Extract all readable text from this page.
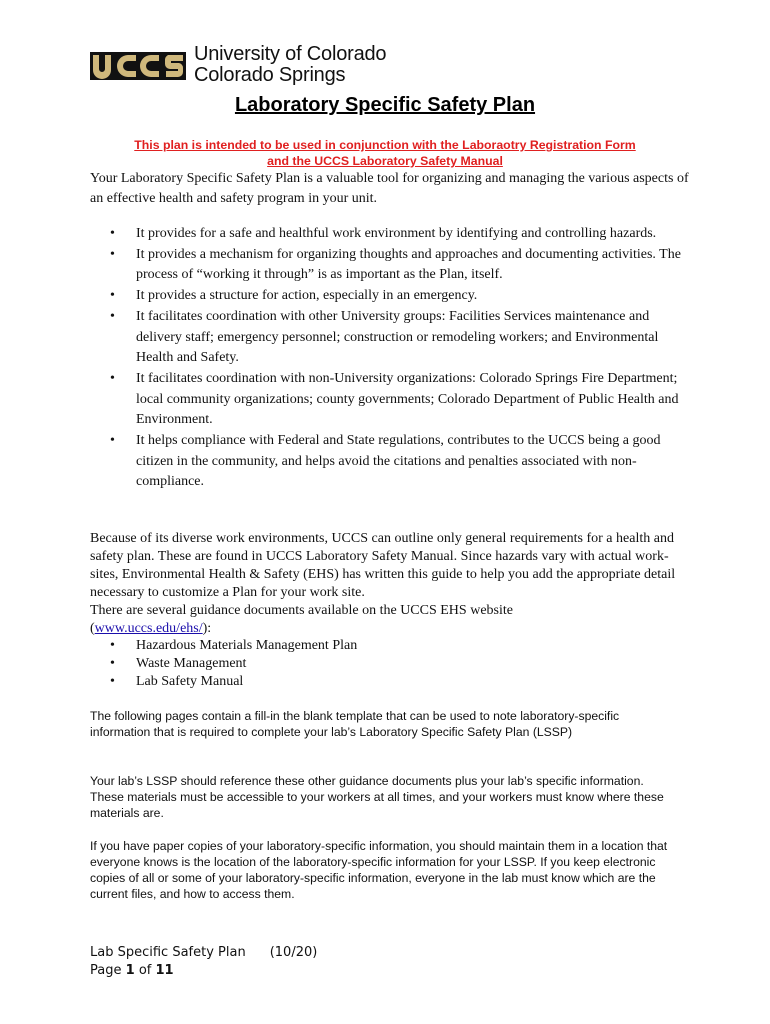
University of Colorado
Colorado Springs
Laboratory Specific Safety Plan
This plan is intended to be used in conjunction with the Laboraotry Registration Form
and the UCCS Laboratory Safety Manual
Your Laboratory Specific Safety Plan is a valuable tool for organizing and managing the various aspects of an effective health and safety program in your unit.
• It provides for a safe and healthful work environment by identifying and controlling hazards.
• It provides a mechanism for organizing thoughts and approaches and documenting activities. The process of “working it through” is as important as the Plan, itself.
• It provides a structure for action, especially in an emergency.
• It facilitates coordination with other University groups: Facilities Services maintenance and delivery staff; emergency personnel; construction or remodeling workers; and Environmental Health and Safety.
• It facilitates coordination with non-University organizations: Colorado Springs Fire Department; local community organizations; county governments; Colorado Department of Public Health and Environment.
• It helps compliance with Federal and State regulations, contributes to the UCCS being a good citizen in the community, and helps avoid the citations and penalties associated with non-compliance.
Because of its diverse work environments, UCCS can outline only general requirements for a health and safety plan. These are found in UCCS Laboratory Safety Manual. Since hazards vary with actual work-sites, Environmental Health & Safety (EHS) has written this guide to help you add the appropriate detail necessary to customize a Plan for your work site.
There are several guidance documents available on the UCCS EHS website
(www.uccs.edu/ehs/):
• Hazardous Materials Management Plan
• Waste Management
• Lab Safety Manual
The following pages contain a fill-in the blank template that can be used to note laboratory-specific information that is required to complete your lab’s Laboratory Specific Safety Plan (LSSP)
Your lab’s LSSP should reference these other guidance documents plus your lab’s specific information. These materials must be accessible to your workers at all times, and your workers must know where these materials are.
If you have paper copies of your laboratory-specific information, you should maintain them in a location that everyone knows is the location of the laboratory-specific information for your LSSP. If you keep electronic copies of all or some of your laboratory-specific information, everyone in the lab must know which are the current files, and how to access them.
Lab Specific Safety Plan (10/20)
Page 1 of 11
